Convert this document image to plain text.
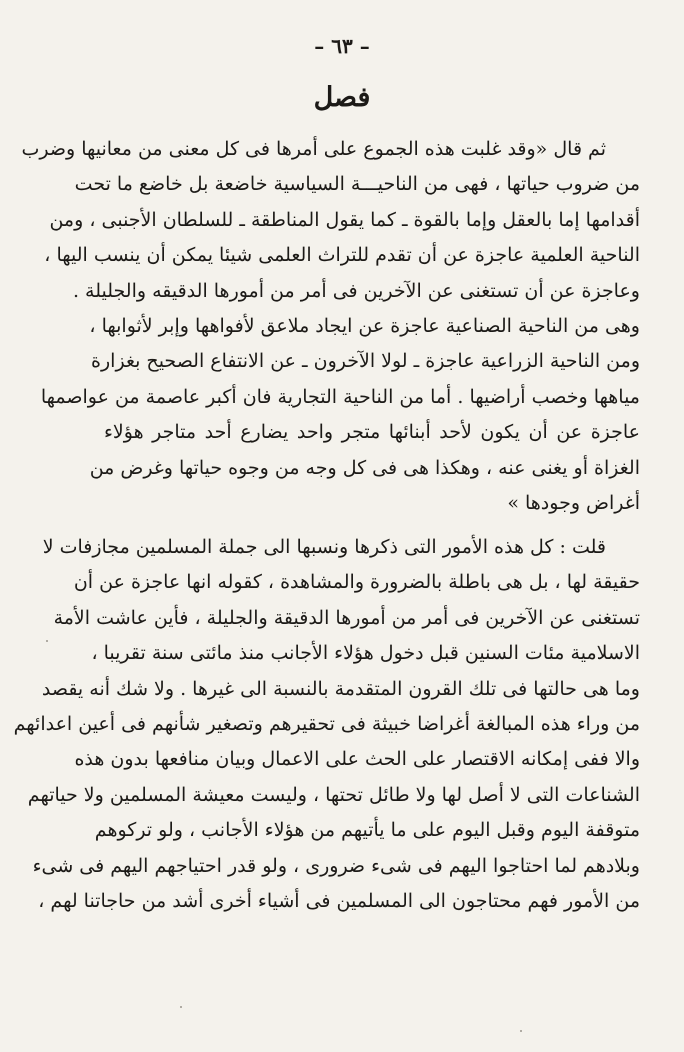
– ٦٣ –
فصل
ثم قال «وقد غلبت هذه الجموع على أمرها فى كل معنى من معانيها وضرب
من ضروب حياتها ، فهى من الناحيـــة السياسية خاضعة بل خاضع ما تحت
أقدامها إما بالعقل وإما بالقوة ـ كما يقول المناطقة ـ للسلطان الأجنبى ، ومن
الناحية العلمية عاجزة عن أن تقدم للتراث العلمى شيئا يمكن أن ينسب اليها ،
وعاجزة عن أن تستغنى عن الآخرين فى أمر من أمورها الدقيقه والجليلة .
وهى من الناحية الصناعية عاجزة عن ايجاد ملاعق لأفواهها وإبر لأثوابها ،
ومن الناحية الزراعية عاجزة ـ لولا الآخرون ـ عن الانتفاع الصحيح بغزارة
مياهها وخصب أراضيها . أما من الناحية التجارية فان أكبر عاصمة من عواصمها
عاجزة عن أن يكون لأحد أبنائها متجر واحد يضارع أحد متاجر هؤلاء
الغزاة أو يغنى عنه ، وهكذا هى فى كل وجه من وجوه حياتها وغرض من
أغراض وجودها »
قلت : كل هذه الأمور التى ذكرها ونسبها الى جملة المسلمين مجازفات لا
حقيقة لها ، بل هى باطلة بالضرورة والمشاهدة ، كقوله انها عاجزة عن أن
تستغنى عن الآخرين فى أمر من أمورها الدقيقة والجليلة ، فأين عاشت الأمة
الاسلامية مئات السنين قبل دخول هؤلاء الأجانب منذ مائتى سنة تقريبا ،
وما هى حالتها فى تلك القرون المتقدمة بالنسبة الى غيرها . ولا شك أنه يقصد
من وراء هذه المبالغة أغراضا خبيثة فى تحقيرهم وتصغير شأنهم فى أعين اعدائهم
والا ففى إمكانه الاقتصار على الحث على الاعمال وبيان منافعها بدون هذه
الشناعات التى لا أصل لها ولا طائل تحتها ، وليست معيشة المسلمين ولا حياتهم
متوقفة اليوم وقبل اليوم على ما يأتيهم من هؤلاء الأجانب ، ولو تركوهم
وبلادهم لما احتاجوا اليهم فى شىء ضرورى ، ولو قدر احتياجهم اليهم فى شىء
من الأمور فهم محتاجون الى المسلمين فى أشياء أخرى أشد من حاجاتنا لهم ،
